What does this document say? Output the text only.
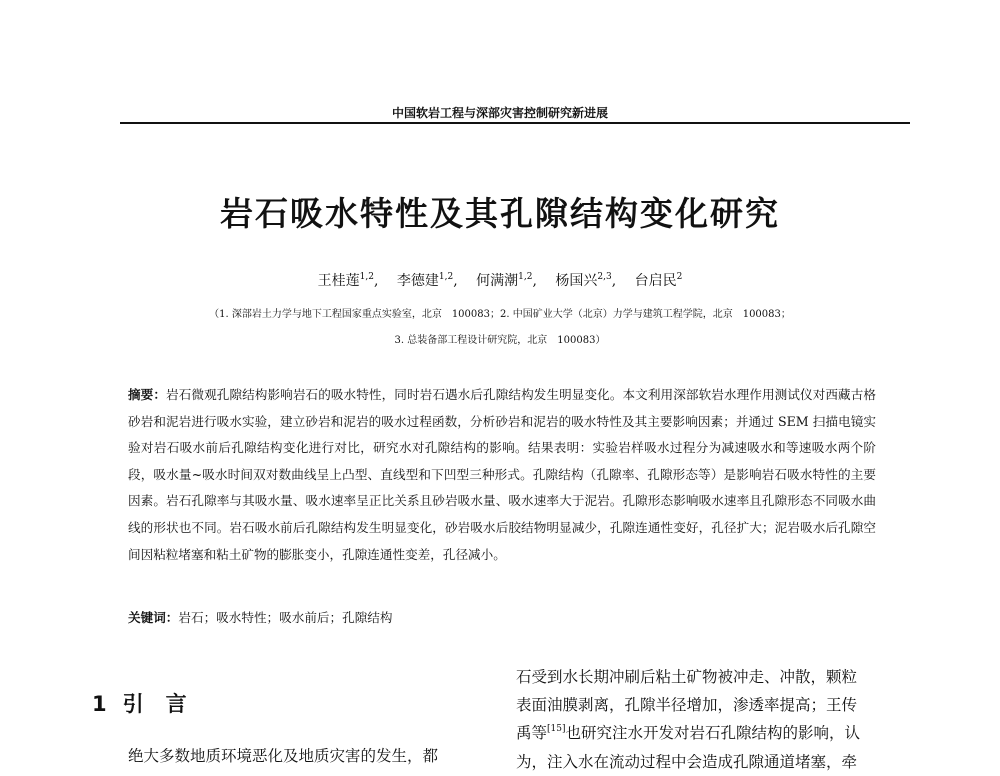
中国软岩工程与深部灾害控制研究新进展
岩石吸水特性及其孔隙结构变化研究
王桂莲$^{1,2}$, 李德建$^{1,2}$, 何满潮$^{1,2}$, 杨国兴$^{2,3}$, 台启民$^2$
（1. 深部岩土力学与地下工程国家重点实验室，北京　100083；2. 中国矿业大学（北京）力学与建筑工程学院，北京　100083；
3. 总装备部工程设计研究院，北京　100083）
摘要：岩石微观孔隙结构影响岩石的吸水特性，同时岩石遇水后孔隙结构发生明显变化。本文利用深部软岩水理作用测试仪对西藏古格砂岩和泥岩进行吸水实验，建立砂岩和泥岩的吸水过程函数，分析砂岩和泥岩的吸水特性及其主要影响因素；并通过 SEM 扫描电镜实验对岩石吸水前后孔隙结构变化进行对比，研究水对孔隙结构的影响。结果表明：实验岩样吸水过程分为减速吸水和等速吸水两个阶段，吸水量~吸水时间双对数曲线呈上凸型、直线型和下凹型三种形式。孔隙结构（孔隙率、孔隙形态等）是影响岩石吸水特性的主要因素。岩石孔隙率与其吸水量、吸水速率呈正比关系且砂岩吸水量、吸水速率大于泥岩。孔隙形态影响吸水速率且孔隙形态不同吸水曲线的形状也不同。岩石吸水前后孔隙结构发生明显变化，砂岩吸水后胶结物明显减少，孔隙连通性变好，孔径扩大；泥岩吸水后孔隙空间因粘粒堵塞和粘土矿物的膨胀变小，孔隙连通性变差，孔径减小。
关键词：岩石；吸水特性；吸水前后；孔隙结构
1 引言
绝大多数地质环境恶化及地质灾害的发生，都
石受到水长期冲刷后粘土矿物被冲走、冲散，颗粒
表面油膜剥离，孔隙半径增加，渗透率提高；王传
禹等[15]也研究注水开发对岩石孔隙结构的影响，认
为，注入水在流动过程中会造成孔隙通道堵塞，牵
